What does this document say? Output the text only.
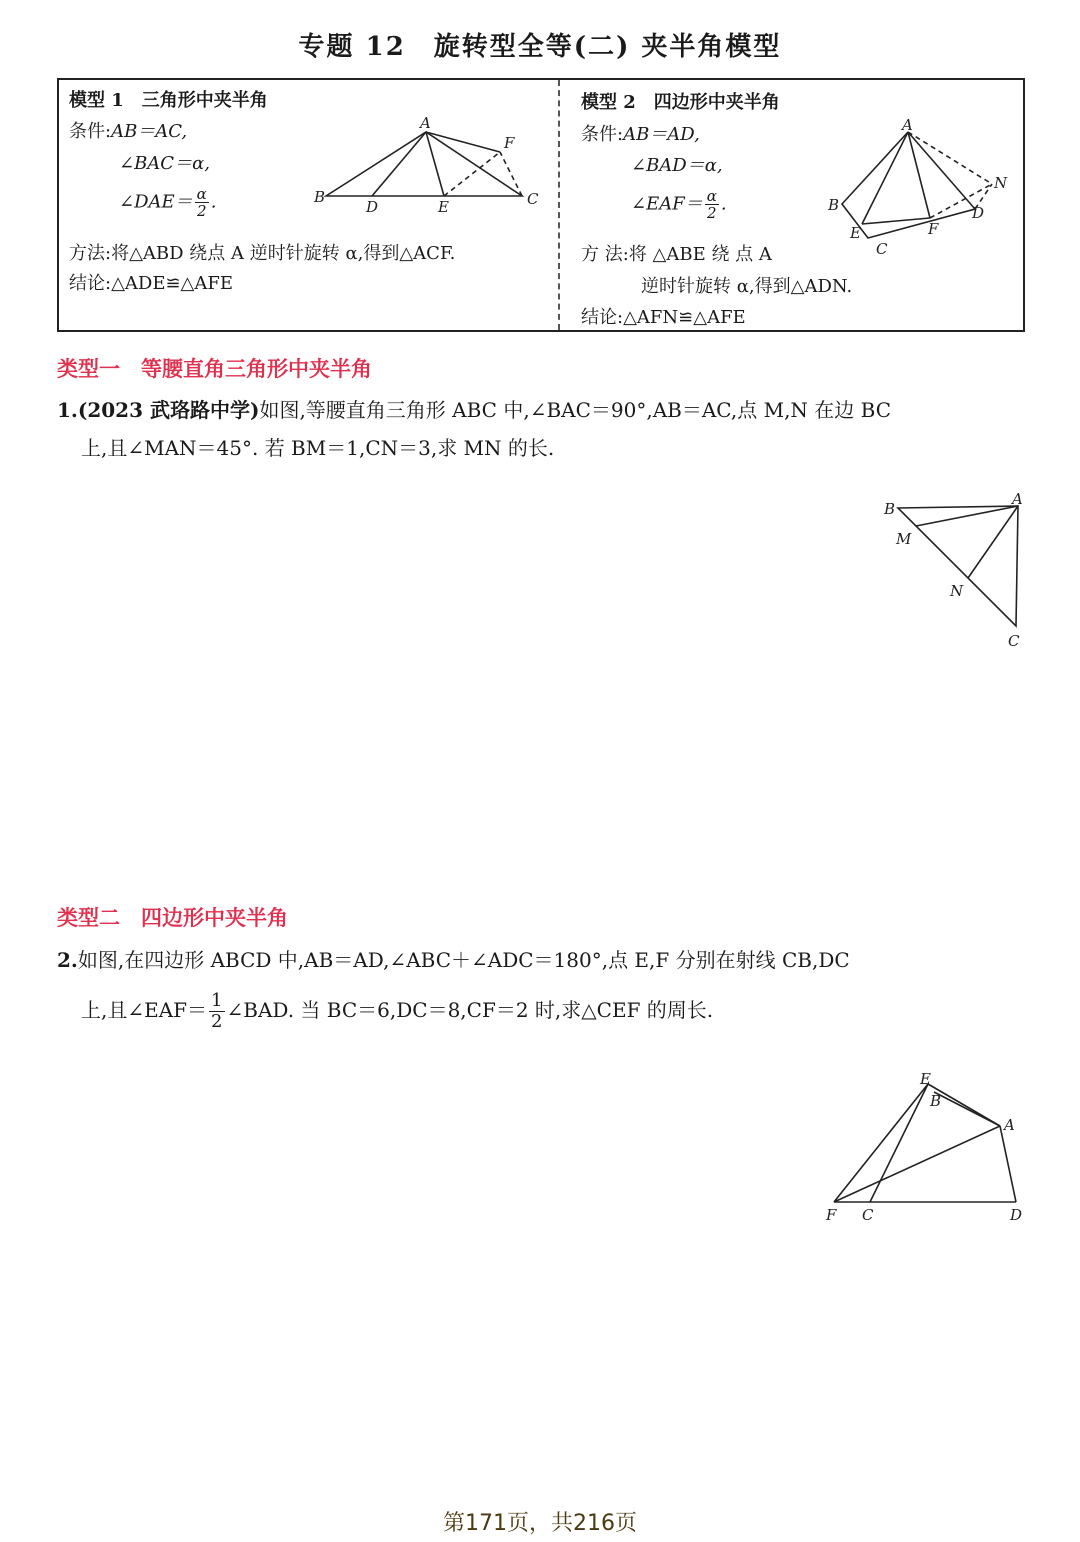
专题 12　旋转型全等(二) 夹半角模型
模型 1　三角形中夹半角
条件:AB＝AC,
∠BAC＝α,
∠DAE＝ $\frac{\alpha}{2}$ .
方法:将△ABD 绕点 A 逆时针旋转 α,得到△ACF.
结论:△ADE≌△AFE
A
B	C
D	E
F
模型 2　四边形中夹半角
条件:AB＝AD,
∠BAD＝α,
∠EAF＝ $\frac{\alpha}{2}$ .
方 法:将 △ABE 绕 点 A
逆时针旋转 α,得到△ADN.
结论:△AFN≌△AFE
A
B
C
D
E	F
N
类型一　等腰直角三角形中夹半角
1.(2023 武珞路中学)如图,等腰直角三角形 ABC 中,∠BAC＝90°,AB＝AC,点 M,N 在边 BC
上,且∠MAN＝45°. 若 BM＝1,CN＝3,求 MN 的长.
B
A
C
M
N
类型二　四边形中夹半角
2.如图,在四边形 ABCD 中,AB＝AD,∠ABC＋∠ADC＝180°,点 E,F 分别在射线 CB,DC
上,且∠EAF＝ $\frac{1}{2}$ ∠BAD. 当 BC＝6,DC＝8,CF＝2 时,求△CEF 的周长.
E
B
A
F C	D
第171页，共216页
